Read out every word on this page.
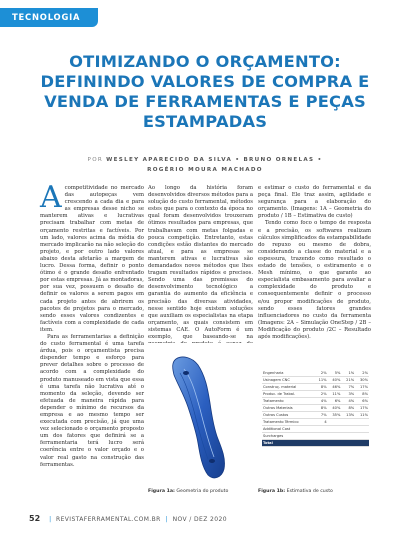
TECNOLOGIA
OTIMIZANDO O ORÇAMENTO:
DEFININDO VALORES DE COMPRA E
VENDA DE FERRAMENTAS E PEÇAS
ESTAMPADAS
POR WESLEY APARECIDO DA SILVA • BRUNO ORNELAS •
ROGÉRIO MOURA MACHADO

Acompetitividade no mercado das autopeças vem crescendo a cada dia e para as empresas desse nicho se manterem ativas e lucrativas precisam trabalhar com metas de orçamento restritas e factíveis. Por um lado, valores acima da média do mercado implicarão na não seleção do projeto, e por outro lado valores abaixo desta afetarão a margem de lucro. Dessa forma, definir o ponto ótimo é o grande desafio enfrentado por estas empresas. Já as montadoras, por sua vez, possuem o desafio de definir os valores a serem pagos em cada projeto antes de abrirem os pacotes de projetos para o mercado, sendo esses valores condizentes e factíveis com a complexidade de cada item.

Para as ferramentarias a definição do custo ferramental é uma tarefa árdua, pois o orçamentista precisa dispender tempo e esforço para prever detalhes sobre o processo de acordo com a complexidade do produto manuseado em vista que essa é uma tarefa não lucrativa até o momento da seleção, devendo ser efetuada de maneira rápida para depender o mínimo de recursos da empresa e ao mesmo tempo ser executada com precisão, já que uma vez selecionado o orçamento proposto um dos fatores que definirá se a ferramentaria terá lucro será coerência entre o valor orçado e o valor real gasto na construção das ferramentas.

Ao longo da história foram desenvolvidos diversos métodos para a solução do custo ferramental, métodos estes que para o contexto da época no qual foram desenvolvidos trouxeram ótimos resultados para empresas, que trabalhavam com metas folgadas e pouca competição. Entretanto, estas condições estão distantes do mercado atual, e para as empresas se manterem ativas e lucrativas são demandados novos métodos que lhes tragam resultados rápidos e precisos. Sendo uma das premissas do desenvolvimento tecnológico a garantia do aumento da eficiência e precisão das diversas atividades, nesse sentido hoje existem soluções que auxiliam os especialistas na etapa orçamento, as quais consistem em sistemas CAE. O AutoForm é um exemplo, que baseando-se na

Figura 1a: Geometria do produto

e estimar o custo do ferramental e da peça final. Ele traz assim, agilidade e segurança para a elaboração do orçamento. (Imagens: 1A – Geometria do produto / 1B – Estimativa de custo)

Tendo como foco o tempo de resposta e a precisão, os softwares realizam cálculos simplificados da estampabilidade do repuxo ou mesmo de dobra, considerando a classe do material e a espessura, trazendo como resultado o estado de tensões, o estiramento e o Mesh mínimo, o que garante ao especialista embasamento para avaliar a complexidade do produto e consequentemente definir o processo e/ou propor modificações de produto, sendo esses fatores grandes influenciadores no custo da ferramenta (Imagens: 2A – Simulação OneStep / 2B – Modificação do produto /2C – Resultado após modificações).

Engenharia	2%	5%	1%	2%
Usinagem CNC	11%	40%	21%	30%
Construç. material	8%	46%	7%	17%
Produc. de Trabal.	2%	11%	3%	8%
Tratamento	4%	6%	4%	6%
Outros Materiais	8%	40%	8%	17%
Outros Custos	7%	35%	13%	11%
Tratamento Térmico	4			
Additional Cost				
Surcharges				
Total				
Figura 1b: Estimativa de custo
52 | REVISTAFERRAMENTAL.COM.BR | NOV / DEZ 2020
